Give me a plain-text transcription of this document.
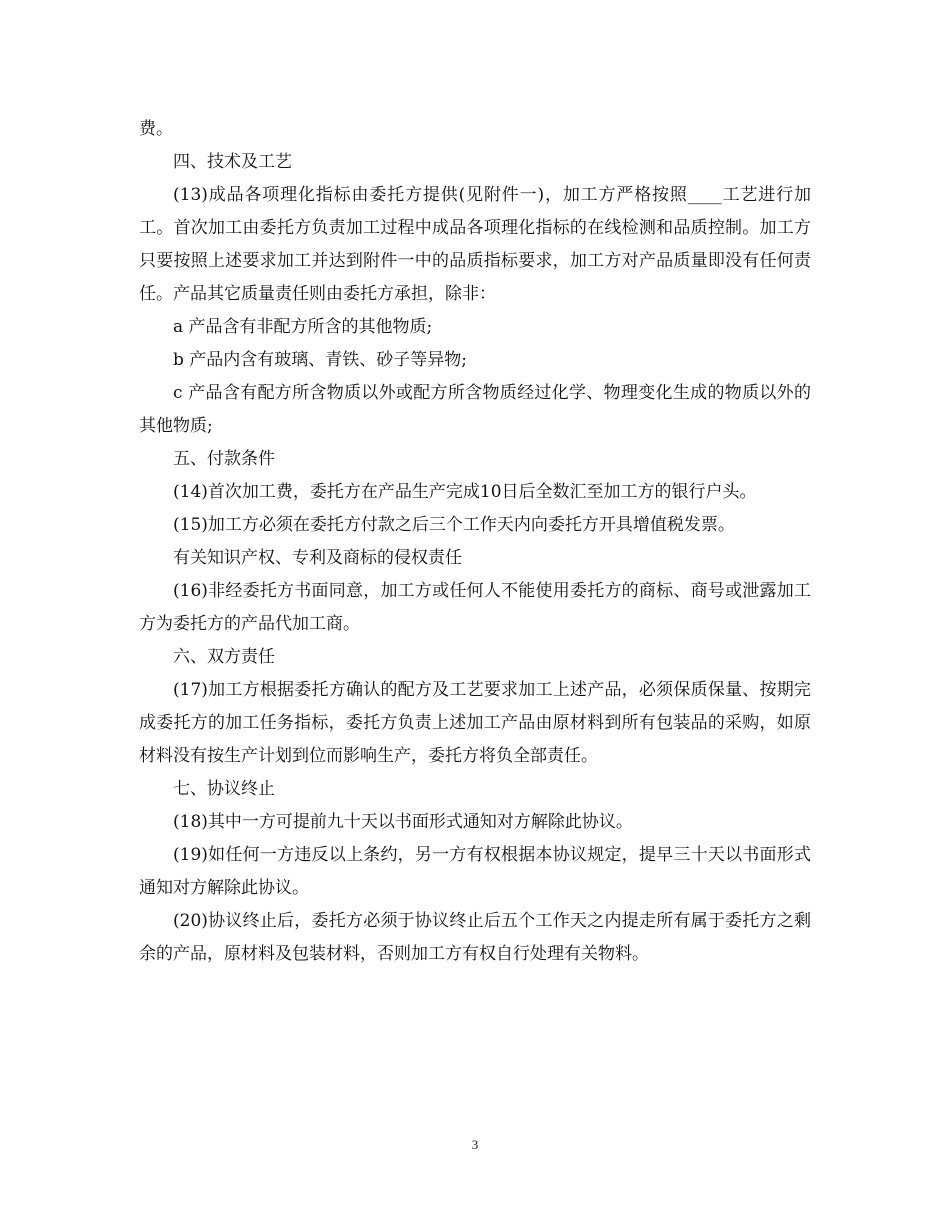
费。

四、技术及工艺

(13)成品各项理化指标由委托方提供(见附件一)，加工方严格按照____工艺进行加工。首次加工由委托方负责加工过程中成品各项理化指标的在线检测和品质控制。加工方只要按照上述要求加工并达到附件一中的品质指标要求，加工方对产品质量即没有任何责任。产品其它质量责任则由委托方承担，除非：

a 产品含有非配方所含的其他物质;

b 产品内含有玻璃、青铁、砂子等异物;

c 产品含有配方所含物质以外或配方所含物质经过化学、物理变化生成的物质以外的其他物质;

五、付款条件

(14)首次加工费，委托方在产品生产完成10日后全数汇至加工方的银行户头。

(15)加工方必须在委托方付款之后三个工作天内向委托方开具增值税发票。

有关知识产权、专利及商标的侵权责任

(16)非经委托方书面同意，加工方或任何人不能使用委托方的商标、商号或泄露加工方为委托方的产品代加工商。

六、双方责任

(17)加工方根据委托方确认的配方及工艺要求加工上述产品，必须保质保量、按期完成委托方的加工任务指标，委托方负责上述加工产品由原材料到所有包装品的采购，如原材料没有按生产计划到位而影响生产，委托方将负全部责任。

七、协议终止

(18)其中一方可提前九十天以书面形式通知对方解除此协议。

(19)如任何一方违反以上条约，另一方有权根据本协议规定，提早三十天以书面形式通知对方解除此协议。

(20)协议终止后，委托方必须于协议终止后五个工作天之内提走所有属于委托方之剩余的产品，原材料及包装材料，否则加工方有权自行处理有关物料。

3
